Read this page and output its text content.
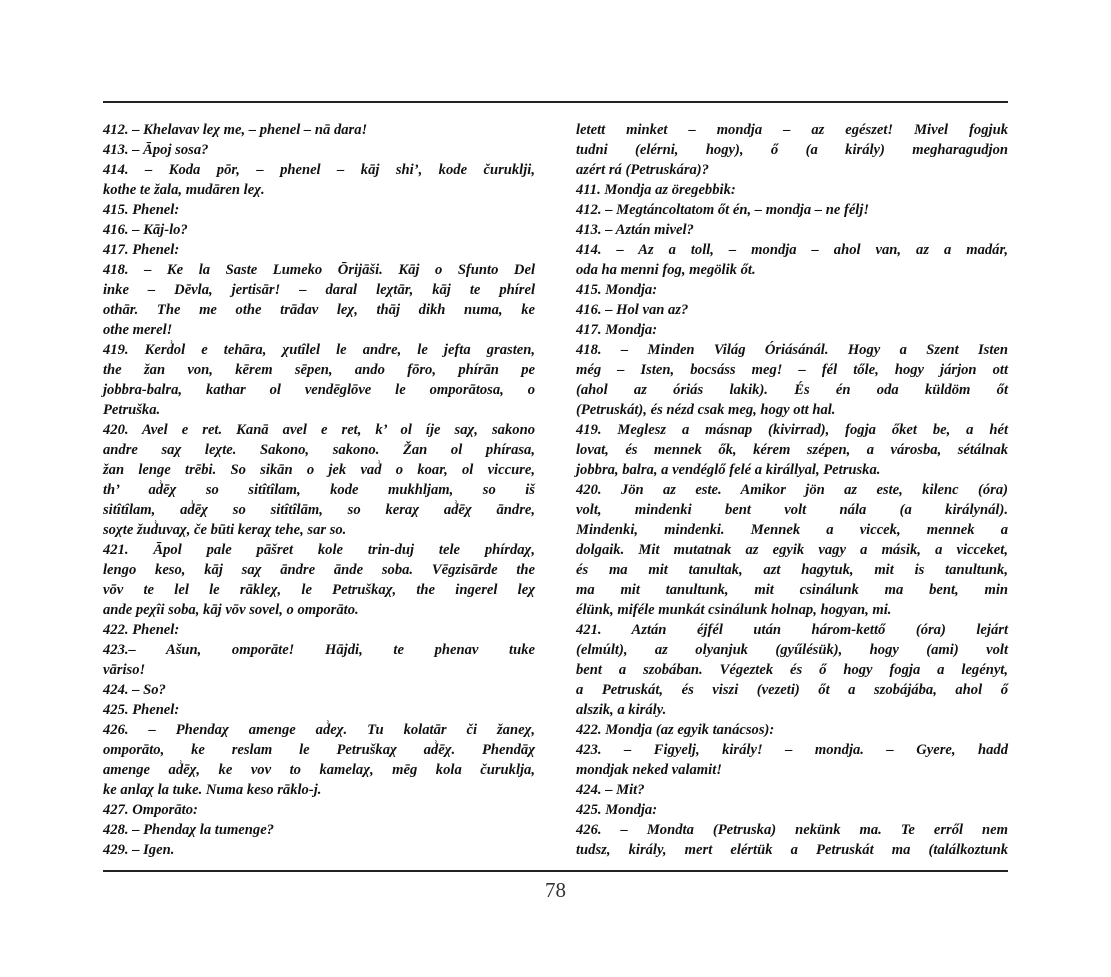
412. – Khelavav leχ me, – phenel – nā dara!
413. – Āpoj sosa?
414. – Koda pōr, – phenel – kāj shi’, kode čuruklji,
kothe te žala, mudāren leχ.
415. Phenel:
416. – Kāj-lo?
417. Phenel:
418. – Ke la Saste Lumeko Ōrijāši. Kāj o Sfunto Del
inke – Dēvla, jertisār! – daral leχtār, kāj te phírel
othār. The me othe trādav leχ, thāj dikh numa, ke
othe merel!
419. Kerd͗ol e tehāra, χutîlel le andre, le jefta grasten,
the žan von, kērem sēpen, ando fōro, phírān pe
jobbra-balra, kathar ol vendēglōve le omporātosa, o
Petruška.
420. Avel e ret. Kanā avel e ret, k’ ol íje saχ, sakono
andre saχ leχte. Sakono, sakono. Žan ol phírasa,
žan lenge trēbi. So sikān o jek vad͗ o koar, ol viccure,
th’ ad͗ēχ so sitîtîlam, kode mukhljam, so iš
sitîtîlam, ad͗ēχ so sitîtîlām, so keraχ ad͗ēχ āndre,
soχte žud͗uvaχ, če būti keraχ tehe, sar so.
421. Āpol pale pāšret kole trin-duj tele phírdaχ,
lengo keso, kāj saχ āndre ānde soba. Vēgzisārde the
vōv te lel le rākleχ, le Petruškaχ, the ingerel leχ
ande peχîi soba, kāj vōv sovel, o omporāto.
422. Phenel:
423.– Ašun, omporāte! Hājdi, te phenav tuke
vāriso!
424. – So?
425. Phenel:
426. – Phendaχ amenge ad͗eχ. Tu kolatār či žaneχ,
omporāto, ke reslam le Petruškaχ ad͗ēχ. Phendāχ
amenge ad͗ēχ, ke vov to kamelaχ, mēg kola čuruklja,
ke anlaχ la tuke. Numa keso rāklo-j.
427. Omporāto:
428. – Phendaχ la tumenge?
429. – Igen.
letett minket – mondja – az egészet! Mivel fogjuk
tudni (elérni, hogy), ő (a király) megharagudjon
azért rá (Petruskára)?
411. Mondja az öregebbik:
412. – Megtáncoltatom őt én, – mondja – ne félj!
413. – Aztán mivel?
414. – Az a toll, – mondja – ahol van, az a madár,
oda ha menni fog, megölik őt.
415. Mondja:
416. – Hol van az?
417. Mondja:
418. – Minden Világ Óriásánál. Hogy a Szent Isten
még – Isten, bocsáss meg! – fél tőle, hogy járjon ott
(ahol az óriás lakik). És én oda küldöm őt
(Petruskát), és nézd csak meg, hogy ott hal.
419. Meglesz a másnap (kivirrad), fogja őket be, a hét
lovat, és mennek ők, kérem szépen, a városba, sétálnak
jobbra, balra, a vendéglő felé a királlyal, Petruska.
420. Jön az este. Amikor jön az este, kilenc (óra)
volt, mindenki bent volt nála (a királynál).
Mindenki, mindenki. Mennek a viccek, mennek a
dolgaik. Mit mutatnak az egyik vagy a másik, a vicceket,
és ma mit tanultak, azt hagytuk, mit is tanultunk,
ma mit tanultunk, mit csinálunk ma bent, min
élünk, miféle munkát csinálunk holnap, hogyan, mi.
421. Aztán éjfél után három-kettő (óra) lejárt
(elmúlt), az olyanjuk (gyűlésük), hogy (ami) volt
bent a szobában. Végeztek és ő hogy fogja a legényt,
a Petruskát, és viszi (vezeti) őt a szobájába, ahol ő
alszik, a király.
422. Mondja (az egyik tanácsos):
423. – Figyelj, király! – mondja. – Gyere, hadd
mondjak neked valamit!
424. – Mit?
425. Mondja:
426. – Mondta (Petruska) nekünk ma. Te erről nem
tudsz, király, mert elértük a Petruskát ma (találkoztunk
78
